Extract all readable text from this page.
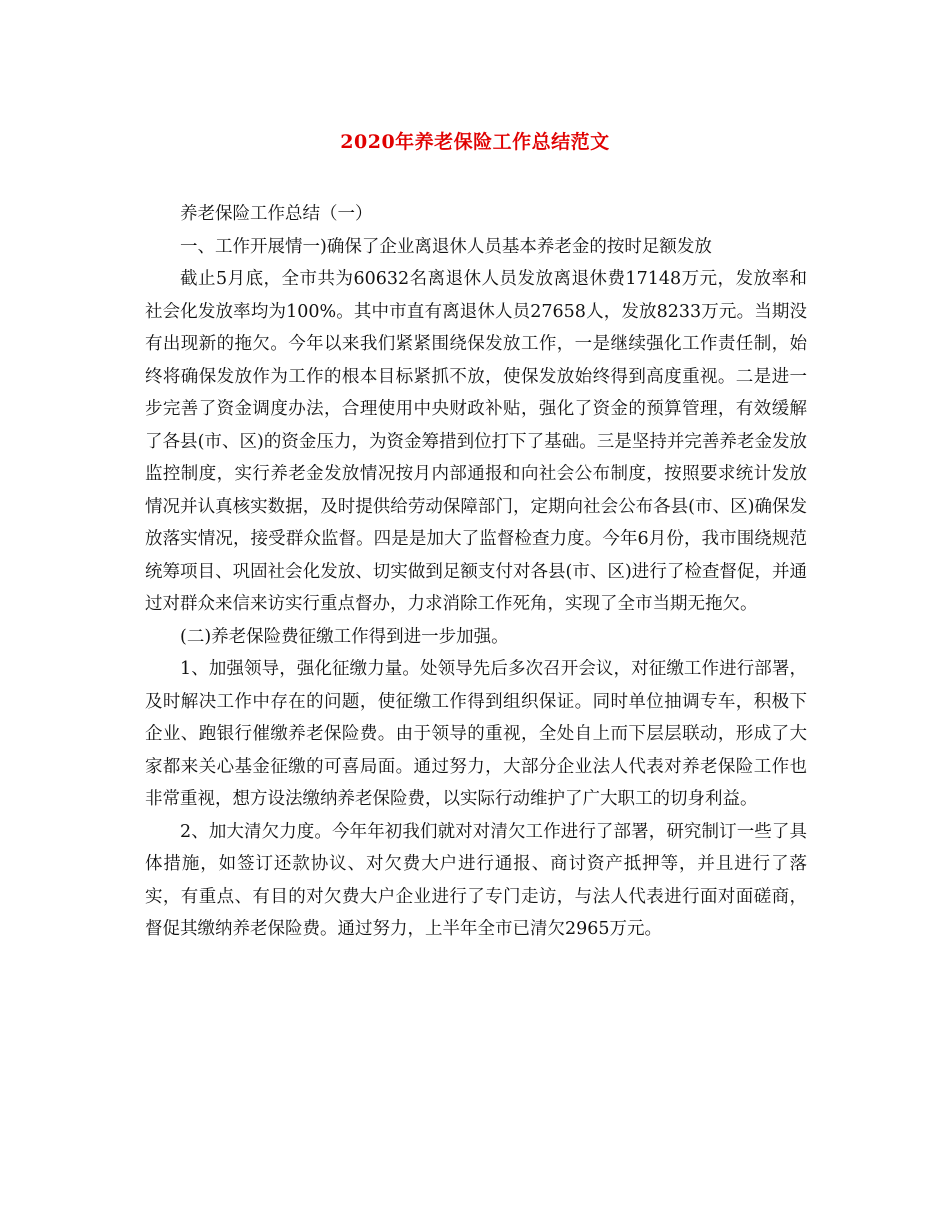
2020年养老保险工作总结范文

养老保险工作总结（一）

一、工作开展情一)确保了企业离退休人员基本养老金的按时足额发放

截止5月底，全市共为60632名离退休人员发放离退休费17148万元，发放率和社会化发放率均为100%。其中市直有离退休人员27658人，发放8233万元。当期没有出现新的拖欠。今年以来我们紧紧围绕保发放工作，一是继续强化工作责任制，始终将确保发放作为工作的根本目标紧抓不放，使保发放始终得到高度重视。二是进一步完善了资金调度办法，合理使用中央财政补贴，强化了资金的预算管理，有效缓解了各县(市、区)的资金压力，为资金筹措到位打下了基础。三是坚持并完善养老金发放监控制度，实行养老金发放情况按月内部通报和向社会公布制度，按照要求统计发放情况并认真核实数据，及时提供给劳动保障部门，定期向社会公布各县(市、区)确保发放落实情况，接受群众监督。四是是加大了监督检查力度。今年6月份，我市围绕规范统筹项目、巩固社会化发放、切实做到足额支付对各县(市、区)进行了检查督促，并通过对群众来信来访实行重点督办，力求消除工作死角，实现了全市当期无拖欠。

(二)养老保险费征缴工作得到进一步加强。

1、加强领导，强化征缴力量。处领导先后多次召开会议，对征缴工作进行部署，及时解决工作中存在的问题，使征缴工作得到组织保证。同时单位抽调专车，积极下企业、跑银行催缴养老保险费。由于领导的重视，全处自上而下层层联动，形成了大家都来关心基金征缴的可喜局面。通过努力，大部分企业法人代表对养老保险工作也非常重视，想方设法缴纳养老保险费，以实际行动维护了广大职工的切身利益。

2、加大清欠力度。今年年初我们就对对清欠工作进行了部署，研究制订一些了具体措施，如签订还款协议、对欠费大户进行通报、商讨资产抵押等，并且进行了落实，有重点、有目的对欠费大户企业进行了专门走访，与法人代表进行面对面磋商，督促其缴纳养老保险费。通过努力，上半年全市已清欠2965万元。
